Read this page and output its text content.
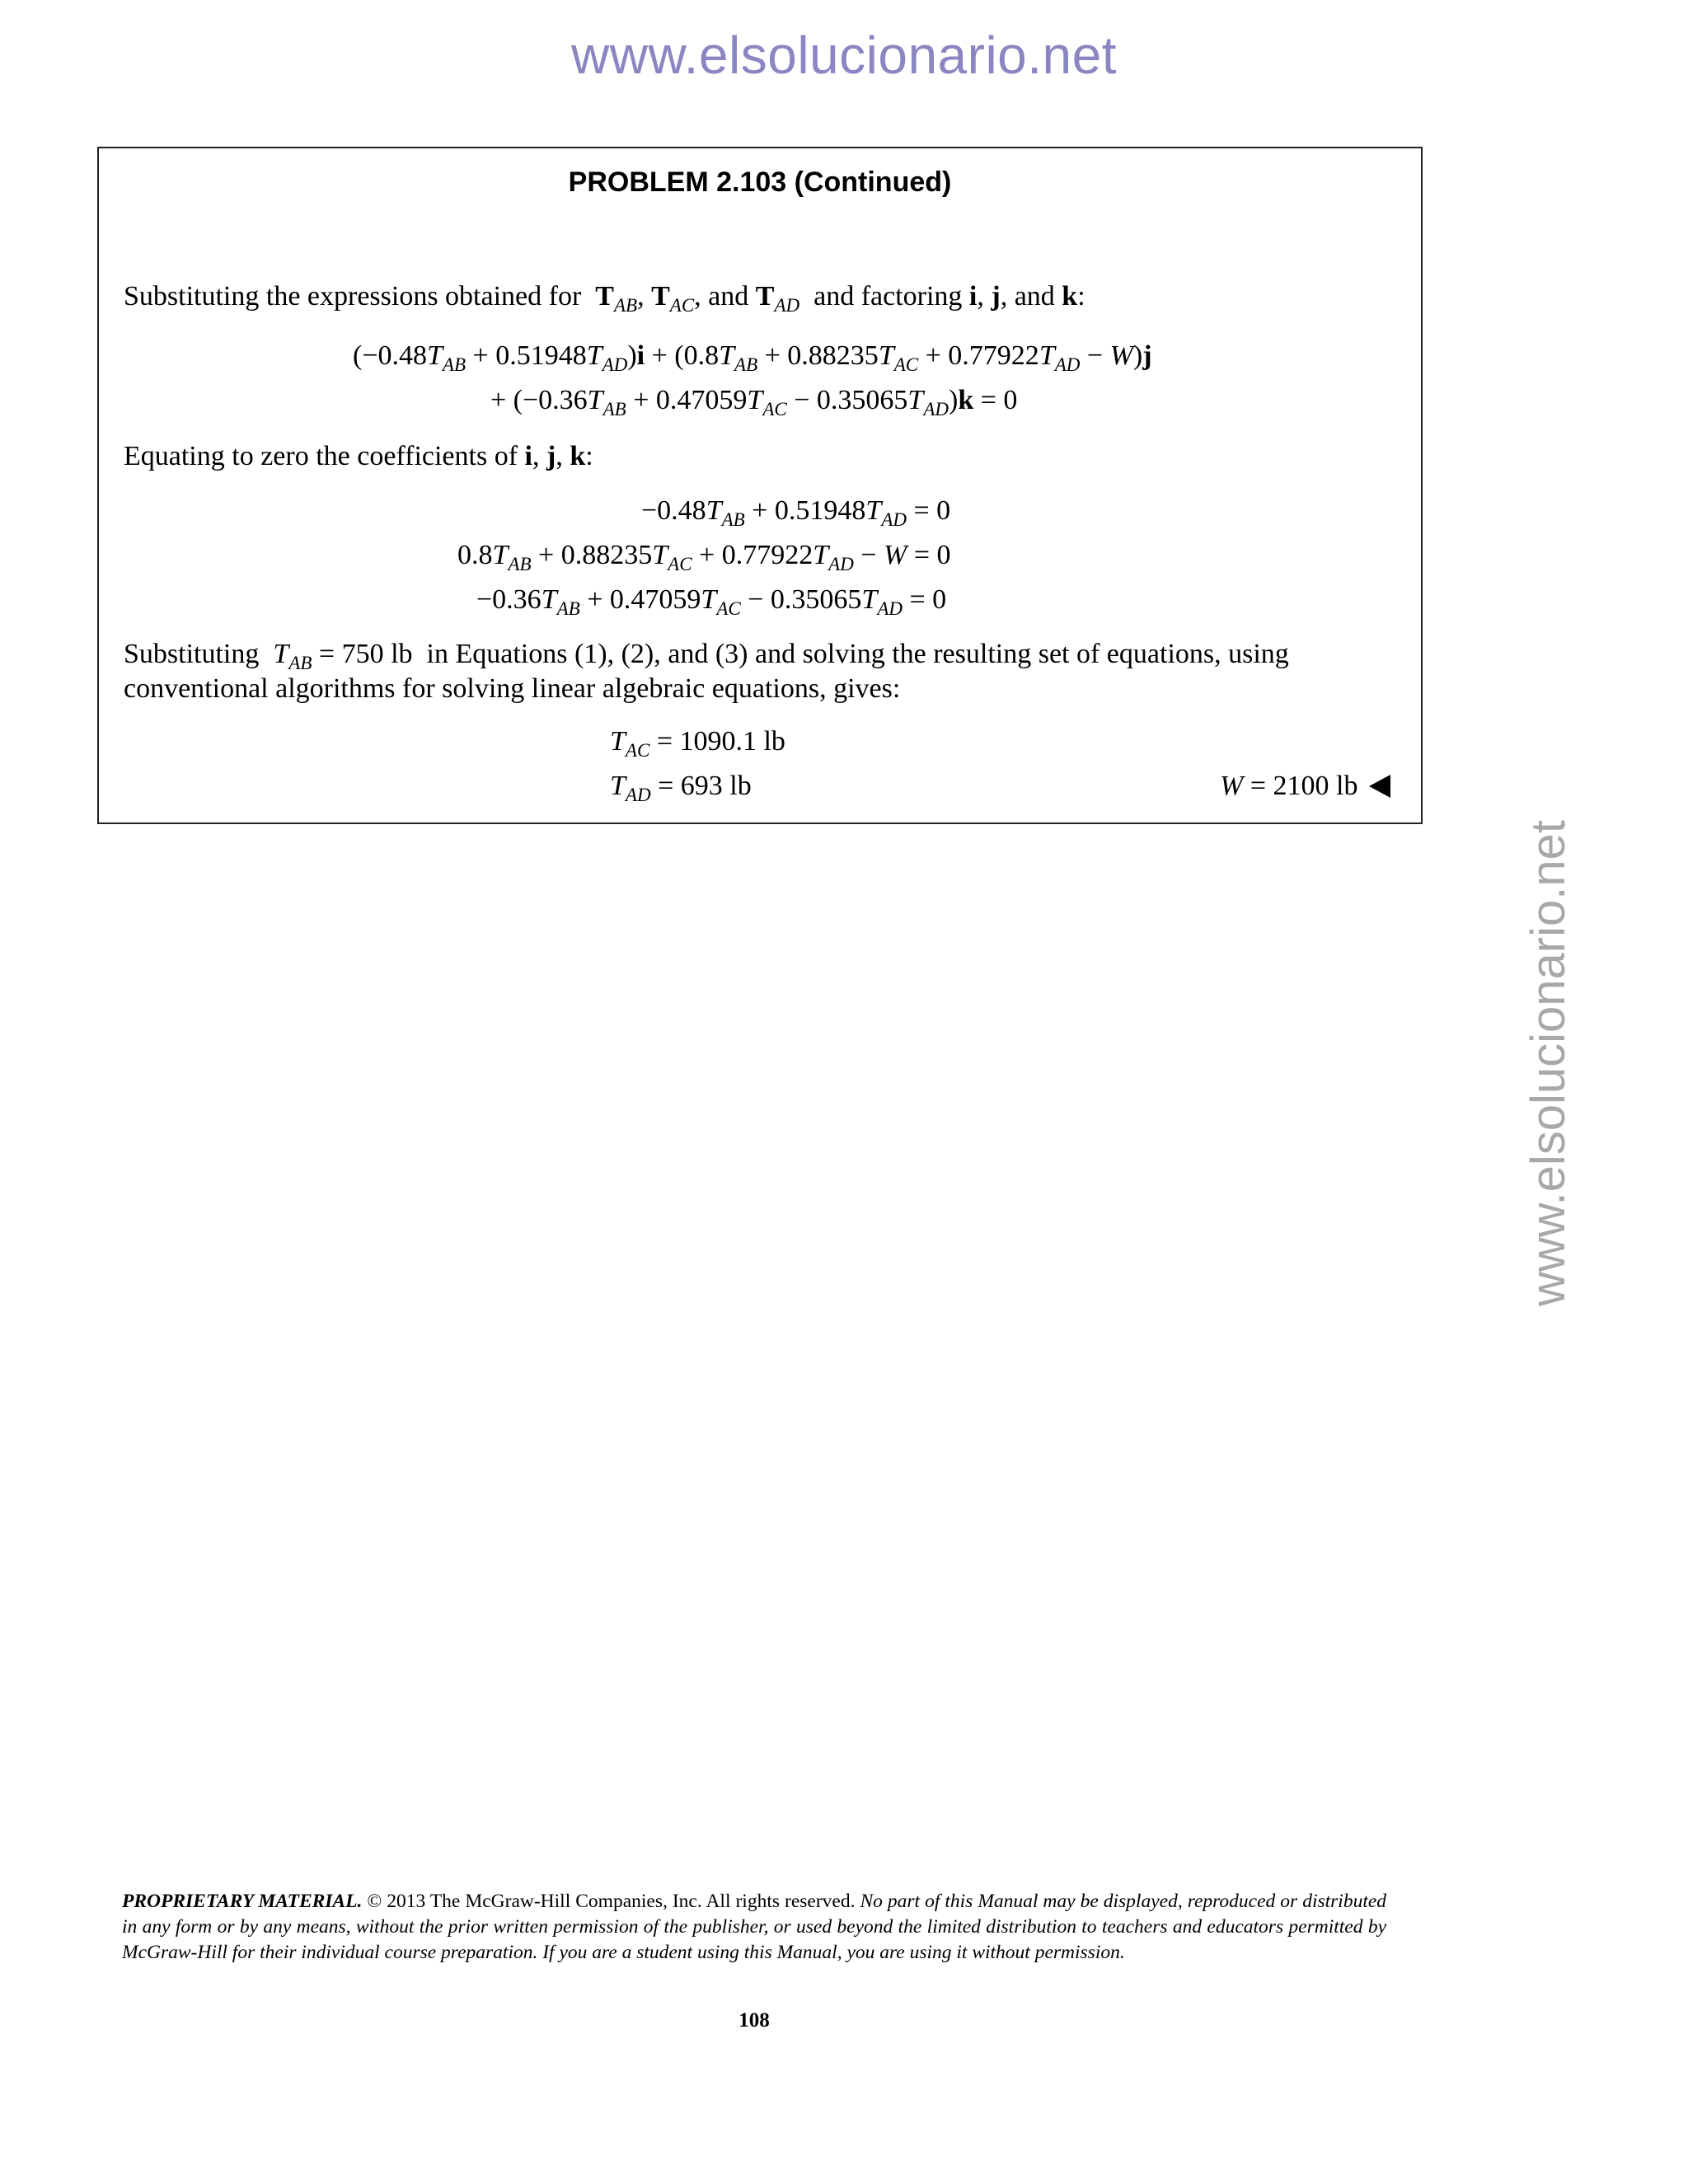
www.elsolucionario.net
www.elsolucionario.net
PROBLEM 2.103 (Continued)
Substituting the expressions obtained for $T_{AB}$, $T_{AC}$, and $T_{AD}$ and factoring i, j, and k:
$(-0.48T_{AB} + 0.51948T_{AD})i + (0.8T_{AB} + 0.88235T_{AC} + 0.77922T_{AD} - W)j$
+ $(-0.36T_{AB} + 0.47059T_{AC} - 0.35065T_{AD})k = 0$
Equating to zero the coefficients of i, j, k:
$-0.48T_{AB} + 0.51948T_{AD} = 0$
$0.8T_{AB} + 0.88235T_{AC} + 0.77922T_{AD} - W = 0$
$-0.36T_{AB} + 0.47059T_{AC} - 0.35065T_{AD} = 0$
Substituting $T_{AB} = 750$ lb in Equations (1), (2), and (3) and solving the resulting set of equations, using
conventional algorithms for solving linear algebraic equations, gives:
$T_{AC} = 1090.1$ lb
$T_{AD} = 693$ lb	W = 2100 lb
PROPRIETARY MATERIAL. © 2013 The McGraw-Hill Companies, Inc. All rights reserved. No part of this Manual may be displayed, reproduced or distributed in any form or by any means, without the prior written permission of the publisher, or used beyond the limited distribution to teachers and educators permitted by McGraw-Hill for their individual course preparation. If you are a student using this Manual, you are using it without permission.
108
